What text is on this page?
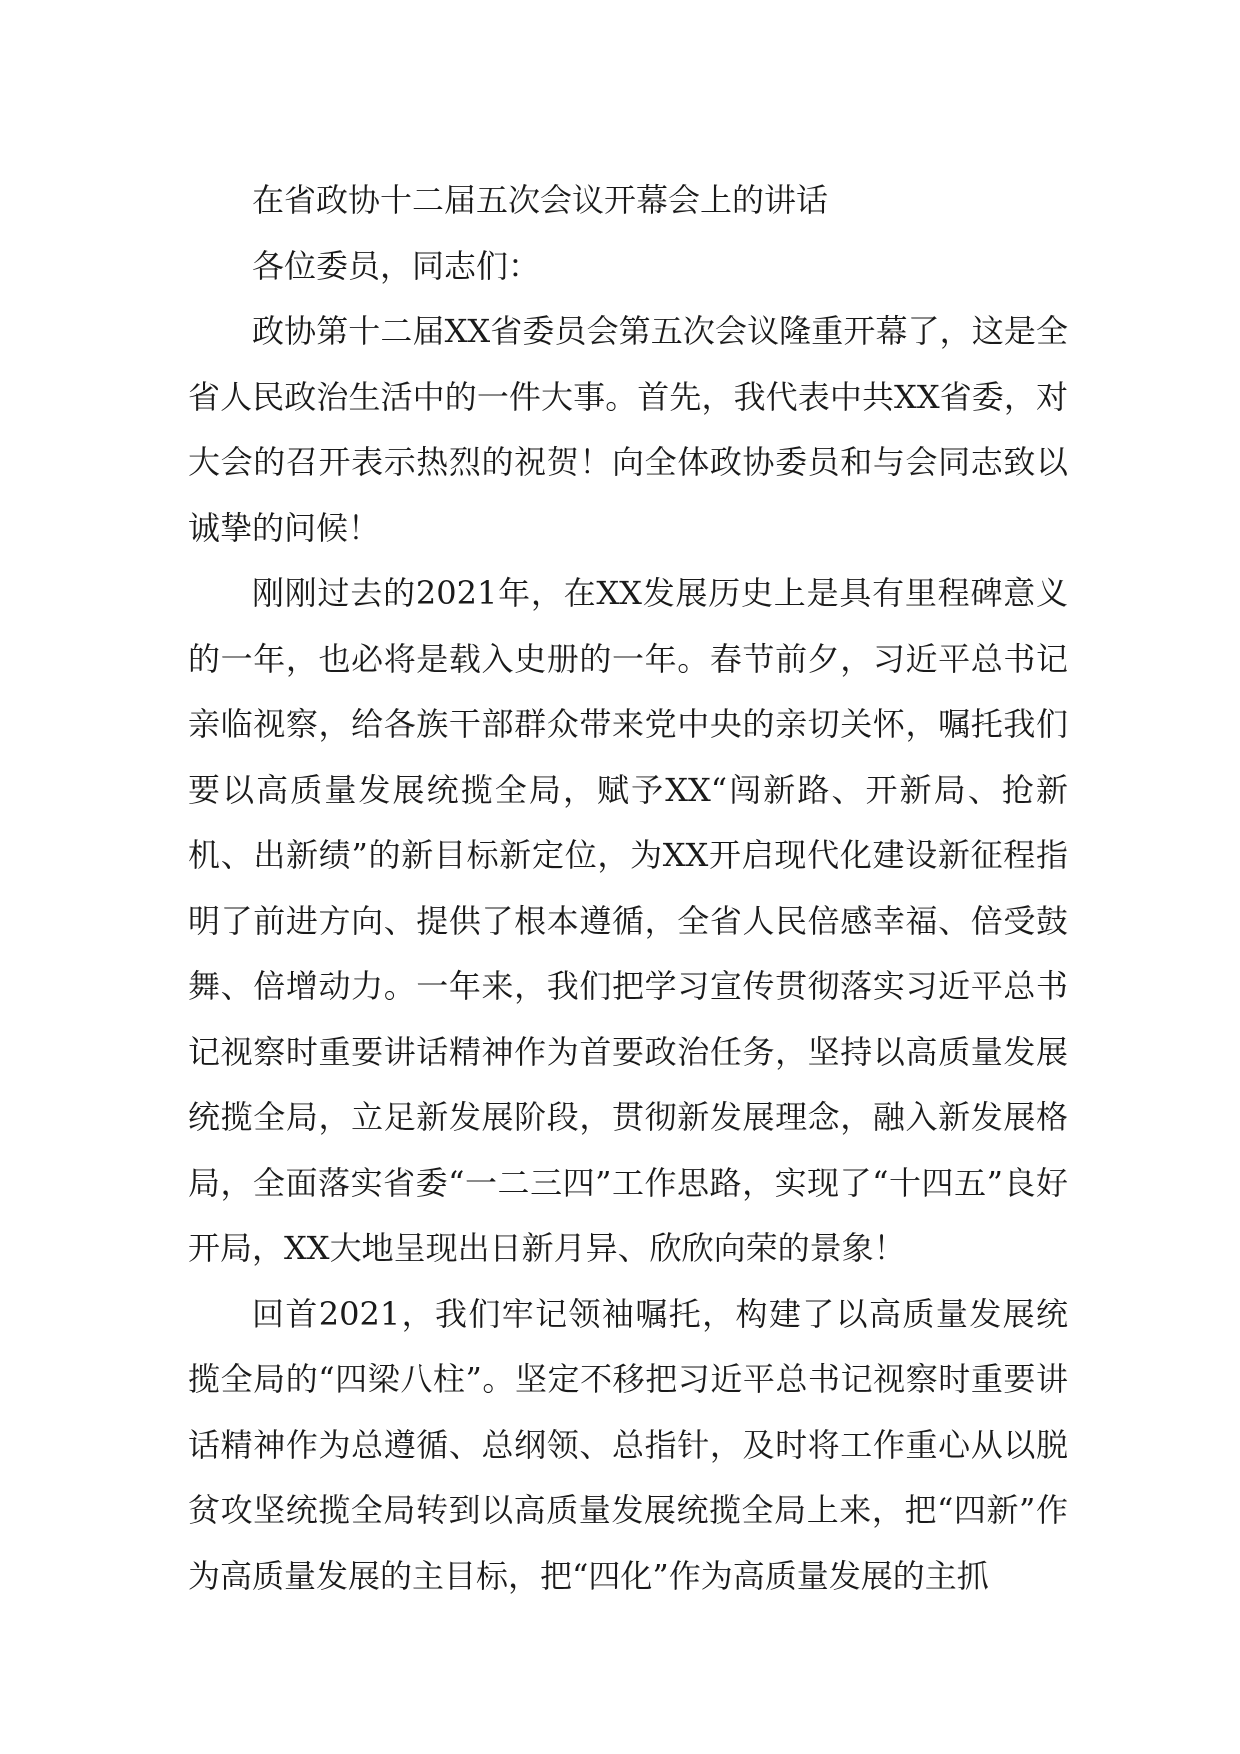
在省政协十二届五次会议开幕会上的讲话

各位委员，同志们：

政协第十二届XX省委员会第五次会议隆重开幕了，这是全省人民政治生活中的一件大事。首先，我代表中共XX省委，对大会的召开表示热烈的祝贺！向全体政协委员和与会同志致以诚挚的问候！

刚刚过去的2021年，在XX发展历史上是具有里程碑意义的一年，也必将是载入史册的一年。春节前夕，习近平总书记亲临视察，给各族干部群众带来党中央的亲切关怀，嘱托我们要以高质量发展统揽全局，赋予XX“闯新路、开新局、抢新机、出新绩”的新目标新定位，为XX开启现代化建设新征程指明了前进方向、提供了根本遵循，全省人民倍感幸福、倍受鼓舞、倍增动力。一年来，我们把学习宣传贯彻落实习近平总书记视察时重要讲话精神作为首要政治任务，坚持以高质量发展统揽全局，立足新发展阶段，贯彻新发展理念，融入新发展格局，全面落实省委“一二三四”工作思路，实现了“十四五”良好开局，XX大地呈现出日新月异、欣欣向荣的景象！

回首2021，我们牢记领袖嘱托，构建了以高质量发展统揽全局的“四梁八柱”。坚定不移把习近平总书记视察时重要讲话精神作为总遵循、总纲领、总指针，及时将工作重心从以脱贫攻坚统揽全局转到以高质量发展统揽全局上来，把“四新”作为高质量发展的主目标，把“四化”作为高质量发展的主抓
